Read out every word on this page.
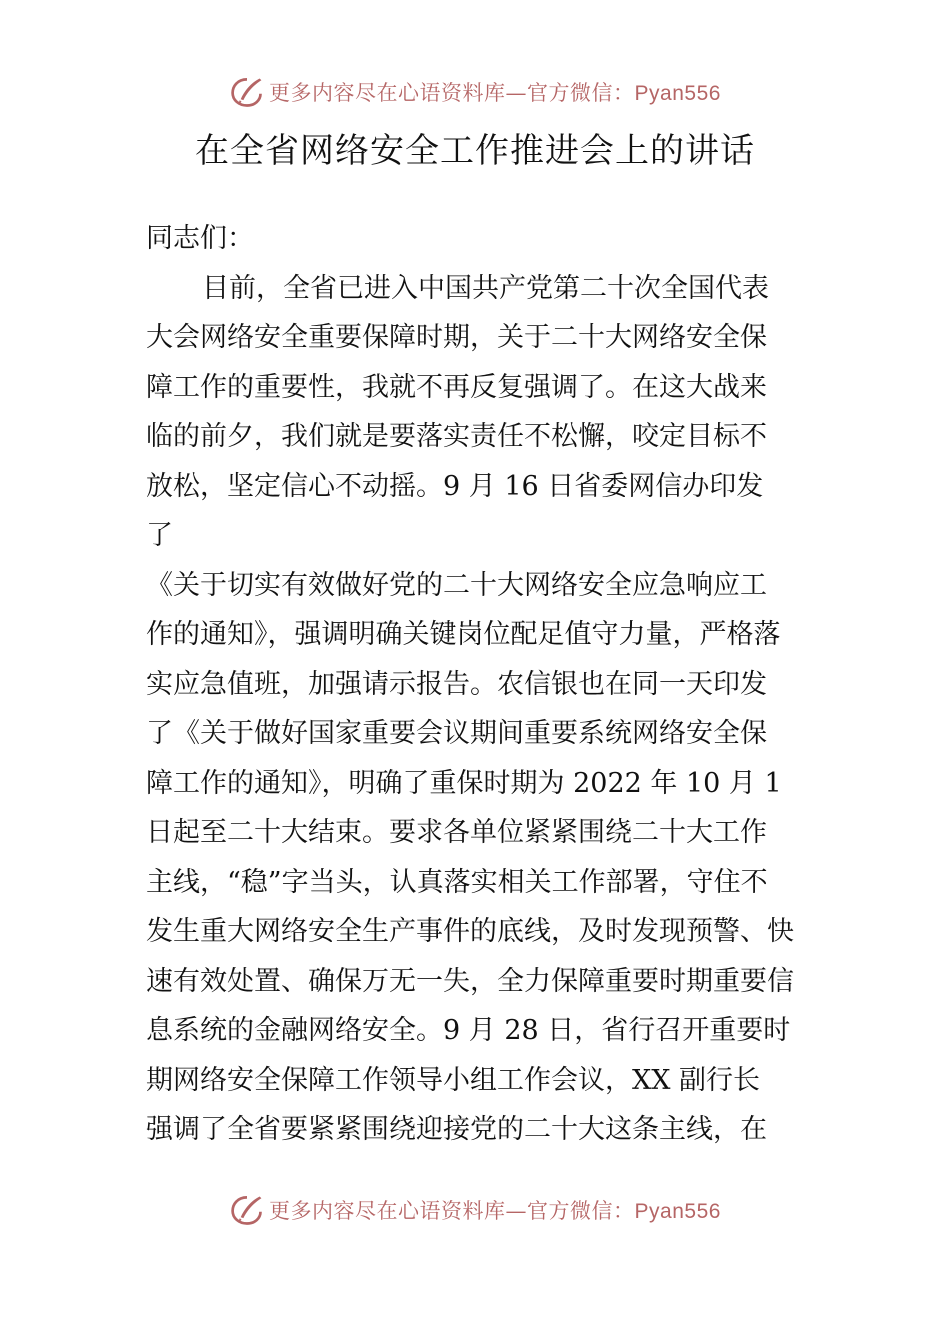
更多内容尽在心语资料库—官方微信：Pyan556
在全省网络安全工作推进会上的讲话
同志们：
目前，全省已进入中国共产党第二十次全国代表
大会网络安全重要保障时期，关于二十大网络安全保
障工作的重要性，我就不再反复强调了。在这大战来
临的前夕，我们就是要落实责任不松懈，咬定目标不
放松，坚定信心不动摇。9 月 16 日省委网信办印发
了
《关于切实有效做好党的二十大网络安全应急响应工
作的通知》，强调明确关键岗位配足值守力量，严格落
实应急值班，加强请示报告。农信银也在同一天印发
了《关于做好国家重要会议期间重要系统网络安全保
障工作的通知》，明确了重保时期为 2022 年 10 月 1
日起至二十大结束。要求各单位紧紧围绕二十大工作
主线，“稳”字当头，认真落实相关工作部署，守住不
发生重大网络安全生产事件的底线，及时发现预警、快
速有效处置、确保万无一失，全力保障重要时期重要信
息系统的金融网络安全。9 月 28 日，省行召开重要时
期网络安全保障工作领导小组工作会议，XX 副行长
强调了全省要紧紧围绕迎接党的二十大这条主线，在
更多内容尽在心语资料库—官方微信：Pyan556
